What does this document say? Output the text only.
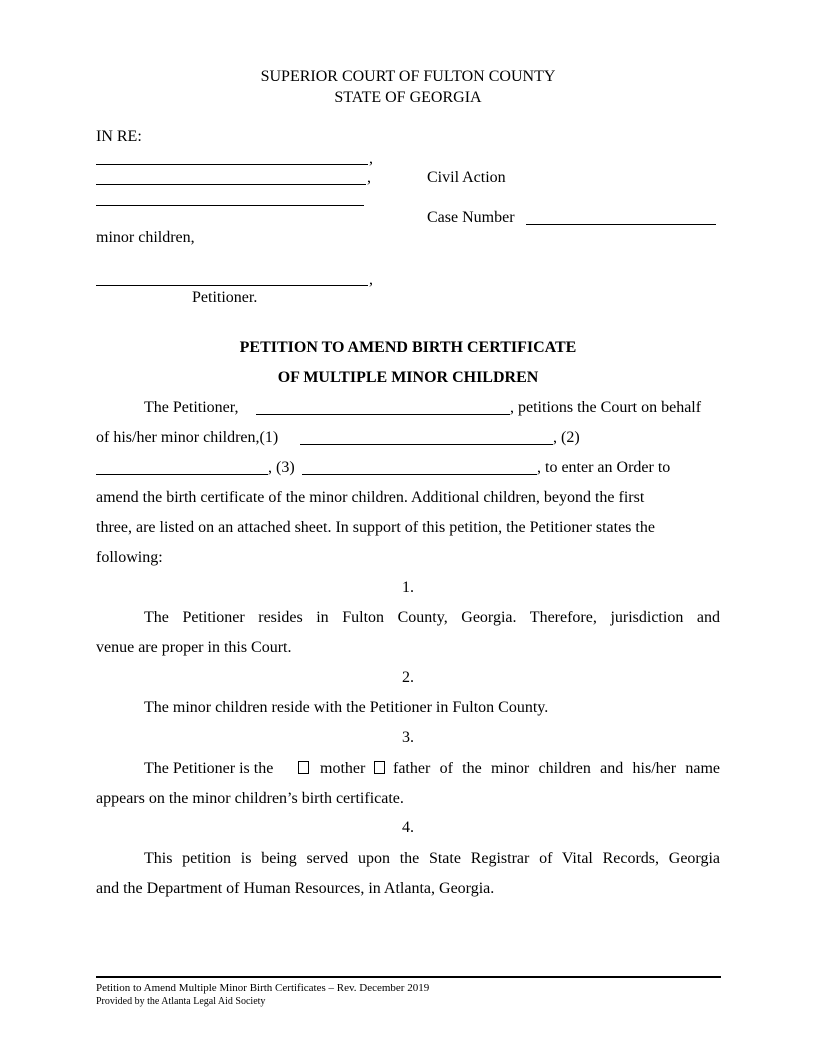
SUPERIOR COURT OF FULTON COUNTY
STATE OF GEORGIA
IN RE:
,
,	Civil Action
Case Number
minor children,
,
Petitioner.
PETITION TO AMEND BIRTH CERTIFICATE
OF MULTIPLE MINOR CHILDREN
The Petitioner,	, petitions the Court on behalf
of his/her minor children,(1)	, (2)
, (3)	, to enter an Order to
amend the birth certificate of the minor children. Additional children, beyond the first
three, are listed on an attached sheet. In support of this petition, the Petitioner states the
following:
1.
The Petitioner resides in Fulton County, Georgia. Therefore, jurisdiction and
venue are proper in this Court.
2.
The minor children reside with the Petitioner in Fulton County.
3.
The Petitioner is the	mother father of the minor children and his/her name
appears on the minor children’s birth certificate.
4.
This petition is being served upon the State Registrar of Vital Records, Georgia
and the Department of Human Resources, in Atlanta, Georgia.
Petition to Amend Multiple Minor Birth Certificates – Rev. December 2019
Provided by the Atlanta Legal Aid Society
